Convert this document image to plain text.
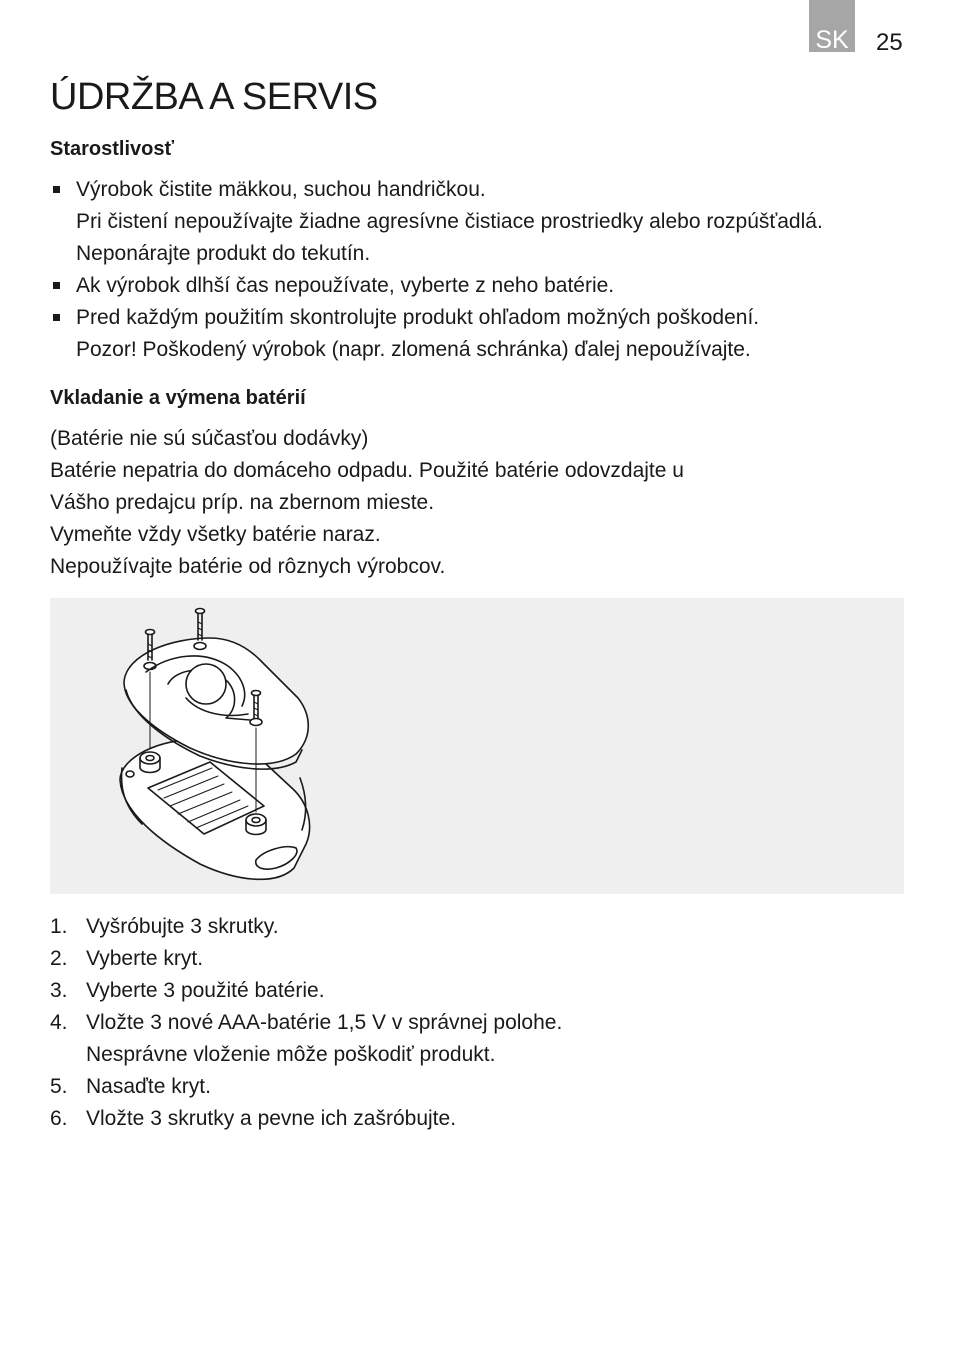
SK 25
ÚDRŽBA A SERVIS
Starostlivosť
Výrobok čistite mäkkou, suchou handričkou.
Pri čistení nepoužívajte žiadne agresívne čistiace prostriedky alebo rozpúšťadlá.
Neponárajte produkt do tekutín.
Ak výrobok dlhší čas nepoužívate, vyberte z neho batérie.
Pred každým použitím skontrolujte produkt ohľadom možných poškodení.
Pozor! Poškodený výrobok (napr. zlomená schránka) ďalej nepoužívajte.
Vkladanie a výmena batérií
(Batérie nie sú súčasťou dodávky)
Batérie nepatria do domáceho odpadu. Použité batérie odovzdajte u
Vášho predajcu príp. na zbernom mieste.
Vymeňte vždy všetky batérie naraz.
Nepoužívajte batérie od rôznych výrobcov.
1. Vyšróbujte 3 skrutky.
2. Vyberte kryt.
3. Vyberte 3 použité batérie.
4. Vložte 3 nové AAA-batérie 1,5 V v správnej polohe.
Nesprávne vloženie môže poškodiť produkt.
5. Nasaďte kryt.
6. Vložte 3 skrutky a pevne ich zašróbujte.
